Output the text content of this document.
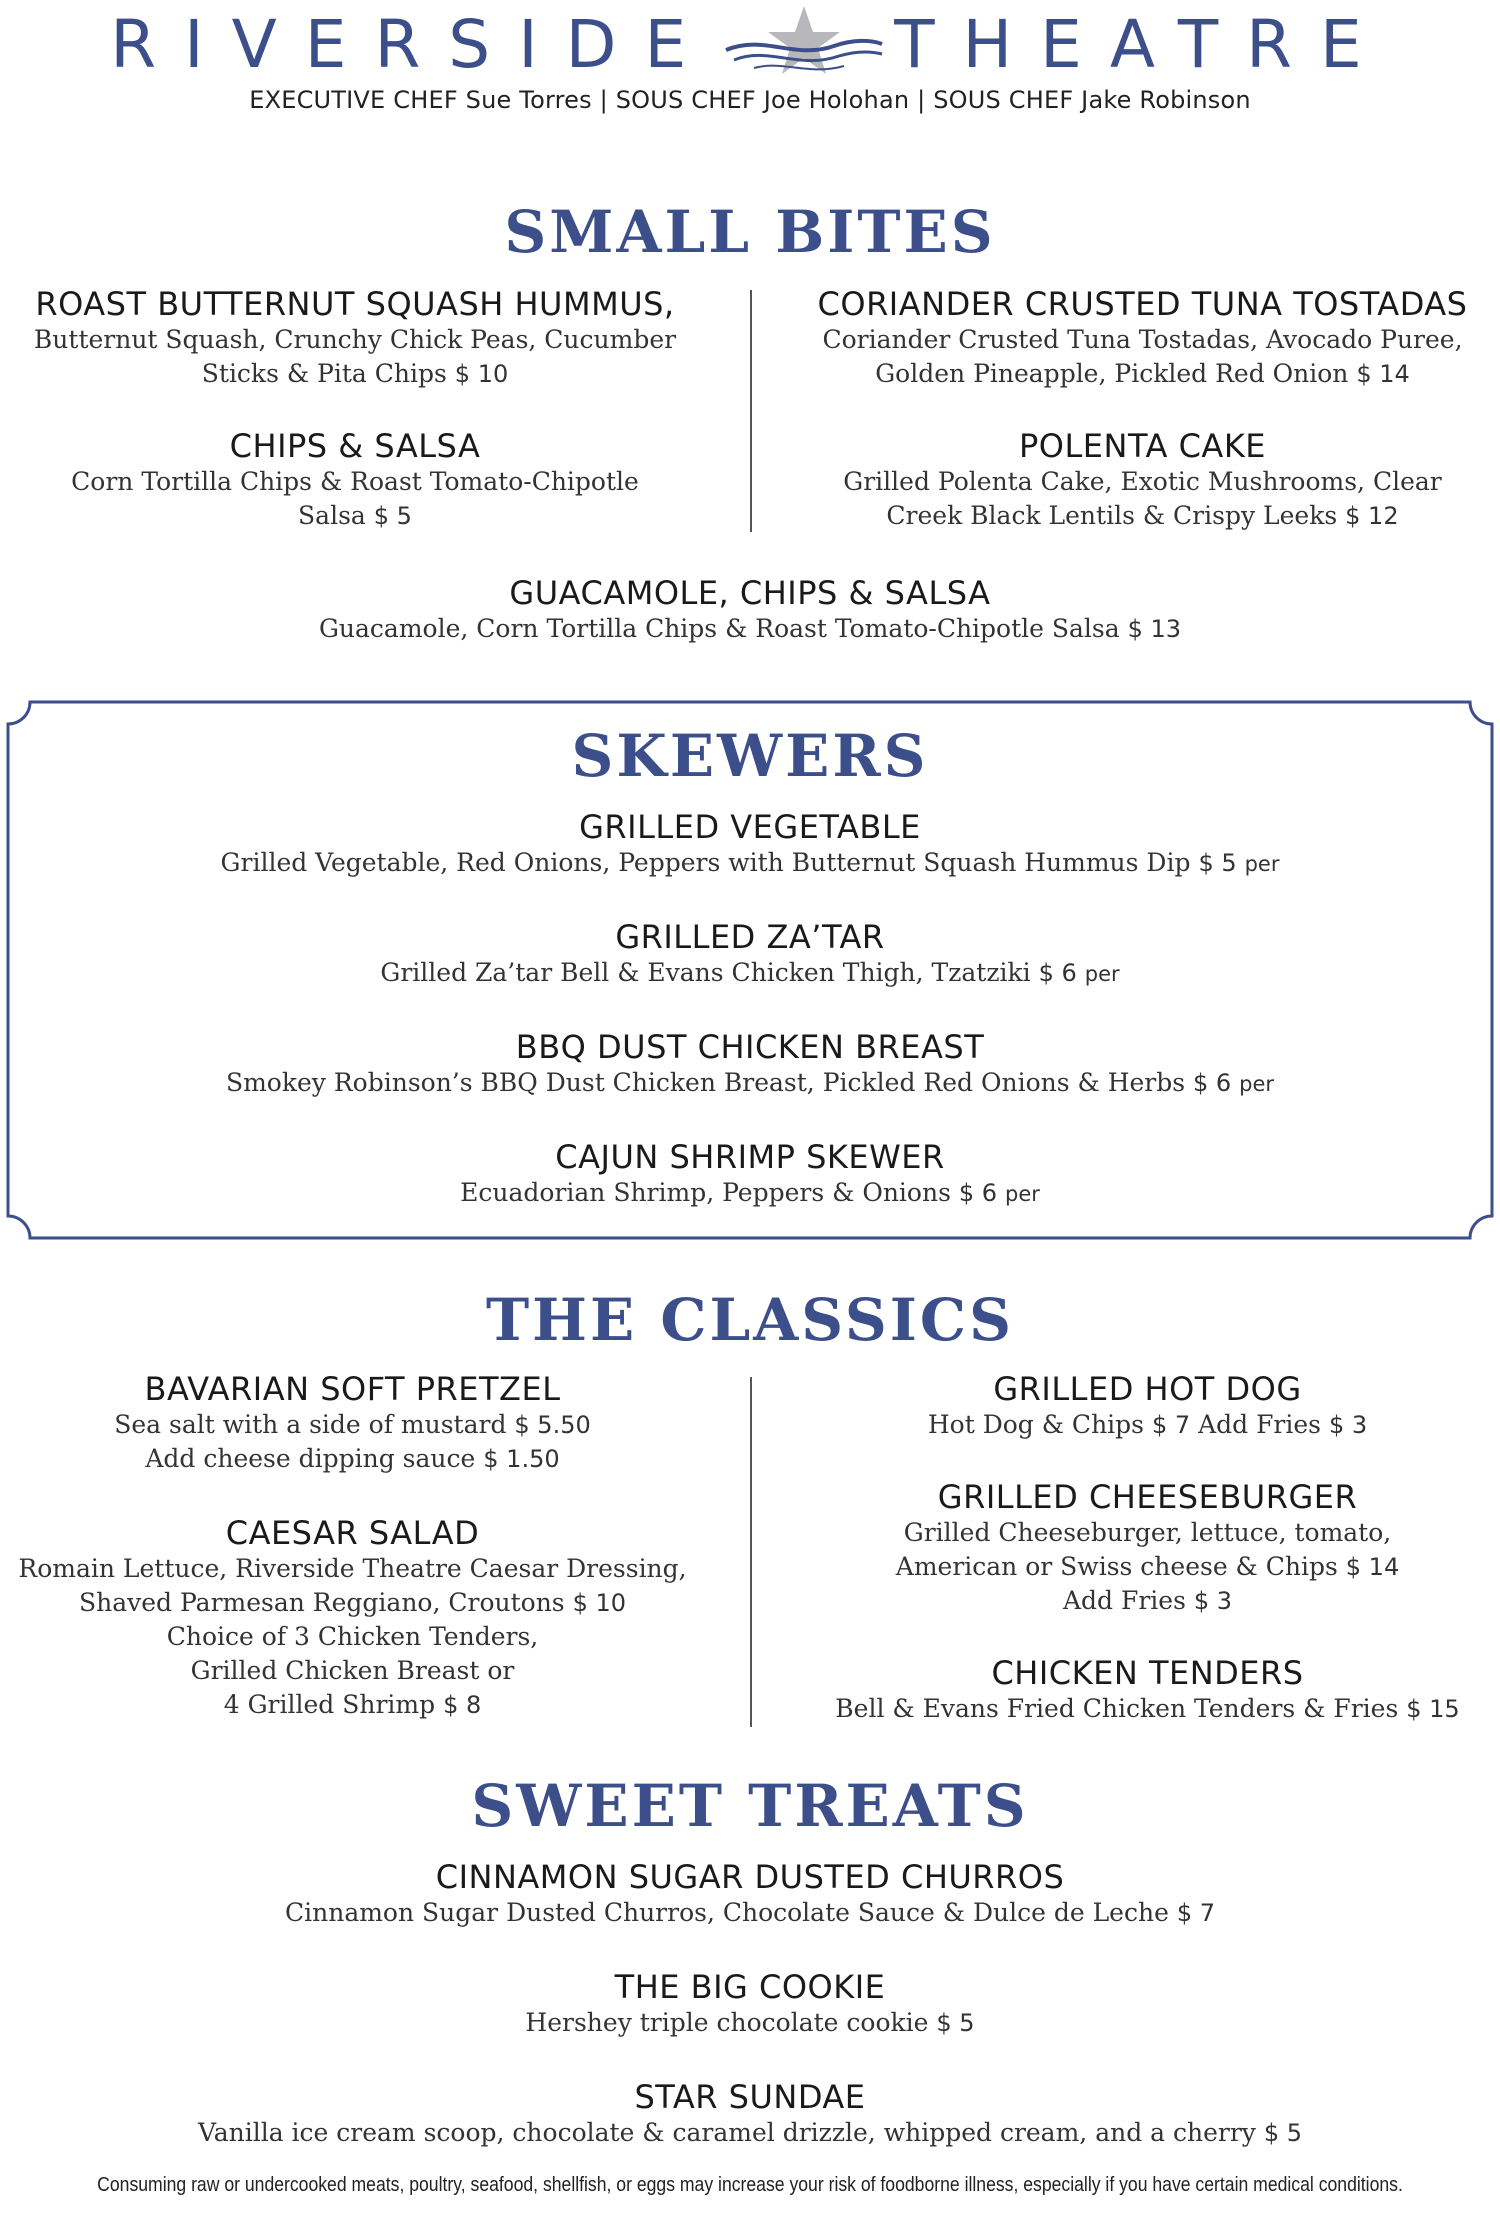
RIVERSIDE	THEATRE
EXECUTIVE CHEF Sue Torres | SOUS CHEF Joe Holohan | SOUS CHEF Jake Robinson
SMALL BITES
ROAST BUTTERNUT SQUASH HUMMUS,
Butternut Squash, Crunchy Chick Peas, Cucumber
Sticks & Pita Chips $ 10
CHIPS & SALSA
Corn Tortilla Chips & Roast Tomato-Chipotle
Salsa $ 5
CORIANDER CRUSTED TUNA TOSTADAS
Coriander Crusted Tuna Tostadas, Avocado Puree,
Golden Pineapple, Pickled Red Onion $ 14
POLENTA CAKE
Grilled Polenta Cake, Exotic Mushrooms, Clear
Creek Black Lentils & Crispy Leeks $ 12
GUACAMOLE, CHIPS & SALSA
Guacamole, Corn Tortilla Chips & Roast Tomato-Chipotle Salsa $ 13
SKEWERS
GRILLED VEGETABLE
Grilled Vegetable, Red Onions, Peppers with Butternut Squash Hummus Dip $ 5 per
GRILLED ZA’TAR
Grilled Za’tar Bell & Evans Chicken Thigh, Tzatziki $ 6 per
BBQ DUST CHICKEN BREAST
Smokey Robinson’s BBQ Dust Chicken Breast, Pickled Red Onions & Herbs $ 6 per
CAJUN SHRIMP SKEWER
Ecuadorian Shrimp, Peppers & Onions $ 6 per
THE CLASSICS
BAVARIAN SOFT PRETZEL
Sea salt with a side of mustard $ 5.50
Add cheese dipping sauce $ 1.50
CAESAR SALAD
Romain Lettuce, Riverside Theatre Caesar Dressing,
Shaved Parmesan Reggiano, Croutons $ 10
Choice of 3 Chicken Tenders,
Grilled Chicken Breast or
4 Grilled Shrimp $ 8
GRILLED HOT DOG
Hot Dog & Chips $ 7 Add Fries $ 3
GRILLED CHEESEBURGER
Grilled Cheeseburger, lettuce, tomato,
American or Swiss cheese & Chips $ 14
Add Fries $ 3
CHICKEN TENDERS
Bell & Evans Fried Chicken Tenders & Fries $ 15
SWEET TREATS
CINNAMON SUGAR DUSTED CHURROS
Cinnamon Sugar Dusted Churros, Chocolate Sauce & Dulce de Leche $ 7
THE BIG COOKIE
Hershey triple chocolate cookie $ 5
STAR SUNDAE
Vanilla ice cream scoop, chocolate & caramel drizzle, whipped cream, and a cherry $ 5
Consuming raw or undercooked meats, poultry, seafood, shellfish, or eggs may increase your risk of foodborne illness, especially if you have certain medical conditions.
